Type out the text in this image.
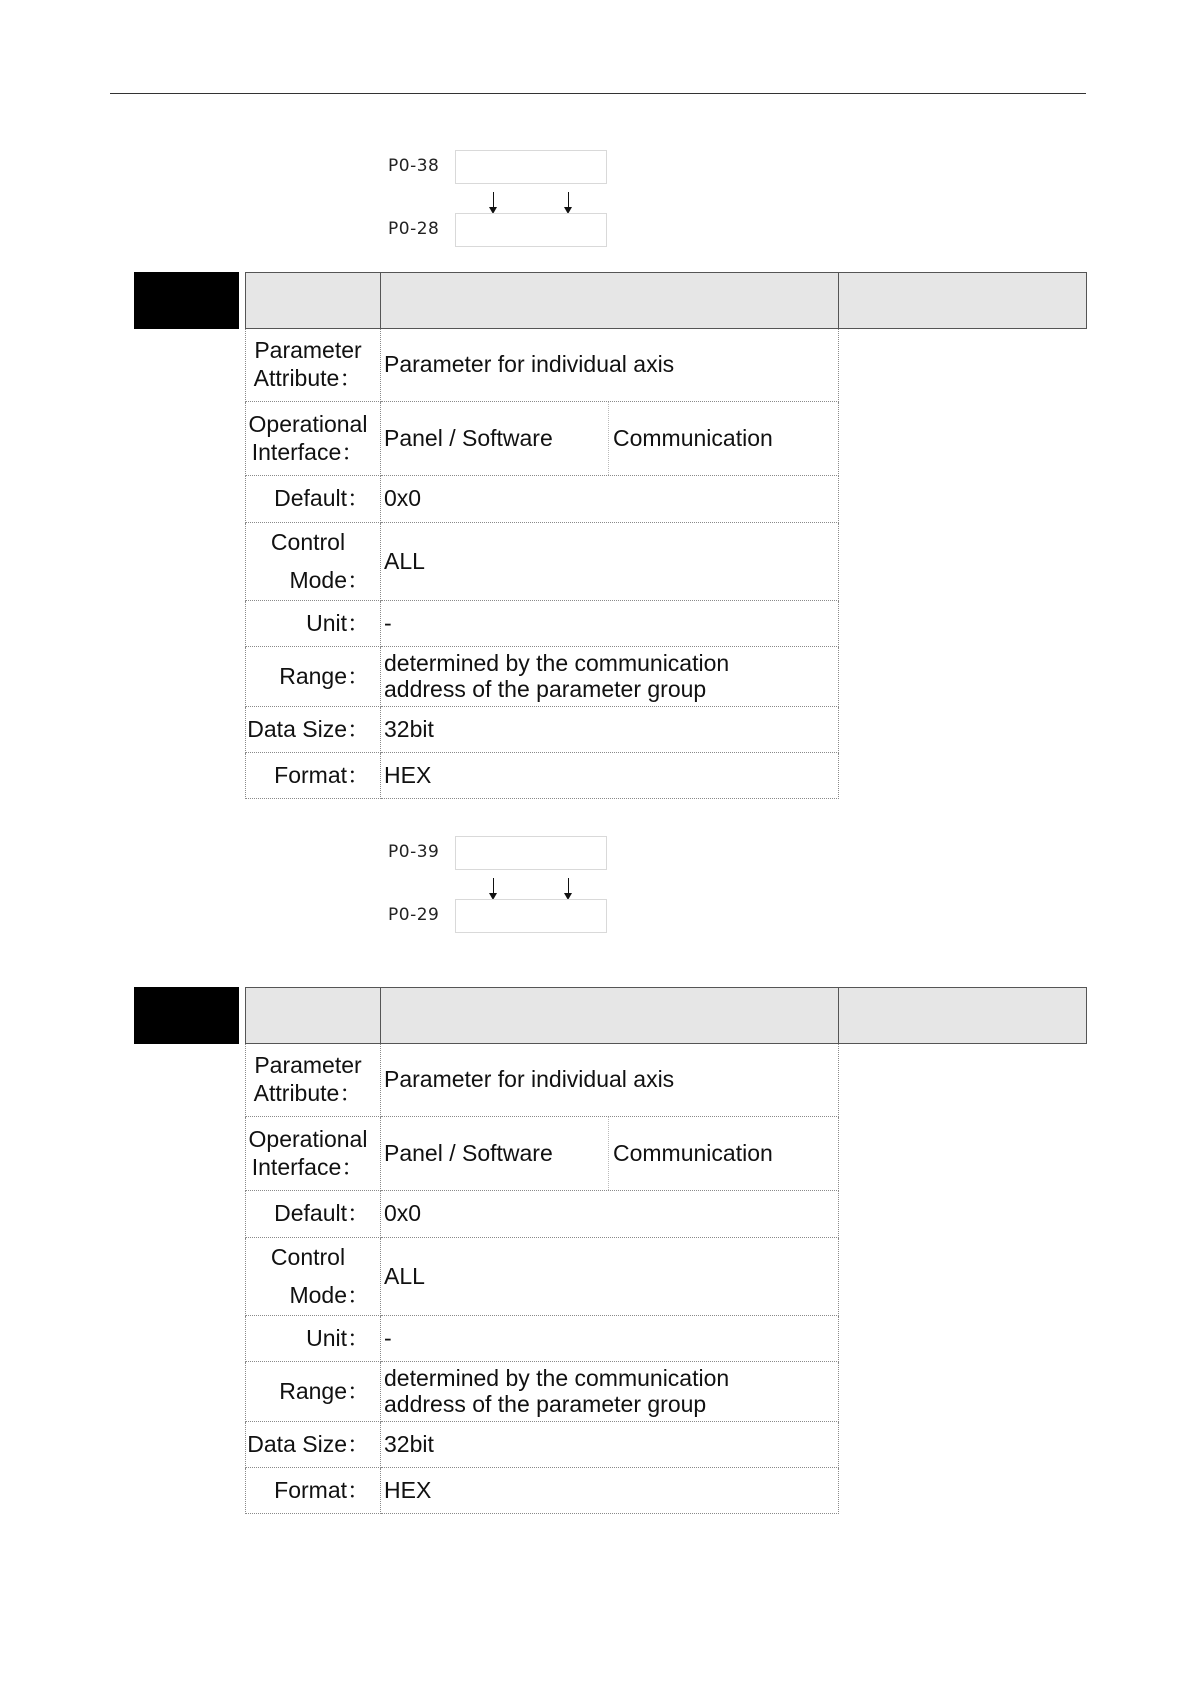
P0-38
P0-28

Parameter
Attribute：	Parameter for individual axis	

Operational
Interface：	Panel / Software Communication	

Default：	0x0	

Control
Mode：	ALL	
Unit：	-	
Range：	determined by the communication
address of the parameter group	

Data Size：	32bit	
Format：	HEX	
P0-39
P0-29

Parameter
Attribute：	Parameter for individual axis	

Operational
Interface：	Panel / Software Communication	

Default：	0x0	

Control
Mode：	ALL	
Unit：	-	
Range：	determined by the communication
address of the parameter group	

Data Size：	32bit	
Format：	HEX	
